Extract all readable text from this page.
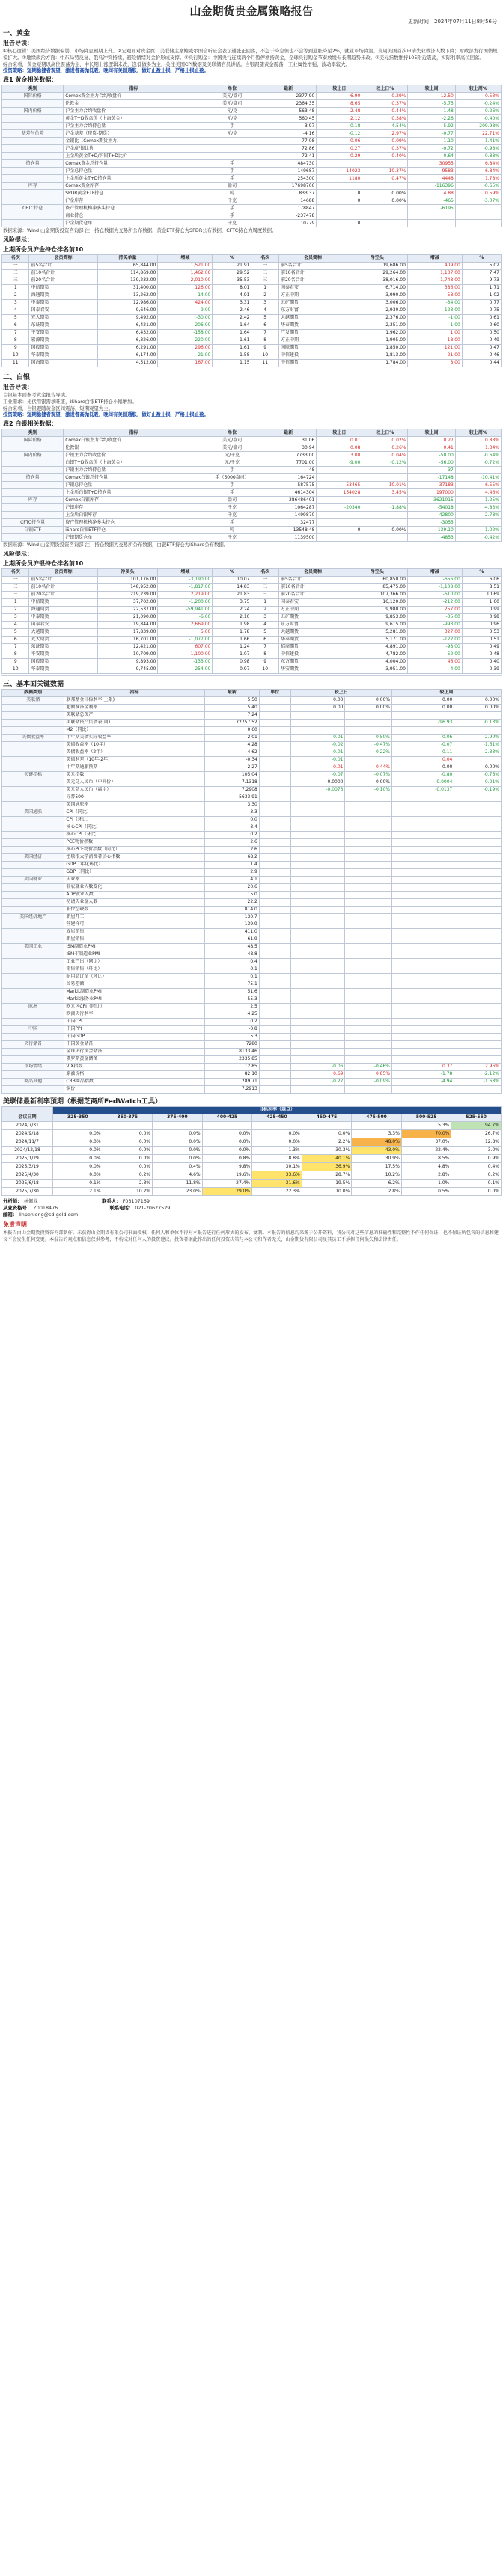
山金期货贵金属策略报告
更新时间：2024年07月11日8时56分
一、黄金
报告导读：
①核心逻辑：美国经济数据偏弱，市场降息预期上升。②宏观面对贵金属：美联储主席鲍威尔国会听证会表示通胀正回落，不急于降息但也不会等到通胀降至2%，就业市场降温。当周美国首次申请失业救济人数下降；财政部发行国债规模扩大。③地缘政治方面：中东局势反复、俄乌冲突持续，避险情绪对金价形成支撑。④央行购金：中国央行连续两个月暂停增持黄金，全球央行购金节奏放缓但长期趋势未改。⑤美元指数维持105附近震荡，实际利率高位回落。
综合来看，黄金短期以高位震荡为主，中长期上涨逻辑未改，逢低做多为主，关注美国CPI数据及美联储官员讲话。白银跟随黄金震荡，工业属性增强，波动率较大。
投资策略：短期稳健者观望，激进者高抛低吸，晚间有美国通胀，做好止盈止损，严格止损止盈。
表1 黄金相关数据：
类别	指标	单位	最新	较上日	较上日%	较上周	较上周%
国际价格	Comex黄金主力合约收盘价	美元/盎司	2377.90	6.90	0.29%	12.50	0.53%
	伦敦金	美元/盎司	2364.35	8.65	0.37%	-5.75	-0.24%
国内价格	沪金主力合约收盘价	元/克	563.48	2.48	0.44%	-1.48	-0.26%
	黄金T+D收盘价（上海黄金）	元/克	560.45	2.12	0.38%	-2.26	-0.40%
	沪金主力合约持仓量	手	3.97	-0.18	-4.54%	-5.92	-209.98%
基差与价差	沪金基差（现货-期货）	元/克	-4.16	-0.12	2.97%	-0.77	22.71%
	金银比（Comex期货主力）		77.08	0.06	0.09%	-1.10	-1.41%
	沪金/沪银比价		72.86	0.27	0.37%	-0.72	-0.98%
	上金所黄金T+D/沪银T+D比价		72.41	0.29	0.40%	-0.64	-0.88%
持仓量	Comex黄金总持仓量	手	484730			30955	6.84%
	沪金总持仓量	手	149687	14023	10.37%	9583	6.84%
	上金所黄金T+D持仓量	手	254300	1180	0.47%	4448	1.78%
库存	Comex黄金库存	盎司	17698706			-116396	-0.65%
	SPDR黄金ETF持仓	吨	833.37	0	0.00%	4.88	0.59%
	沪金库存	千克	14688	0	0.00%	-465	-3.07%
CFTC持仓	资产管理机构净多头持仓	手	178847			-6195	
	商业持仓	手	-237478				
	沪金期货仓单	千克	10779	0			
数据来源：Wind 山金期货投资咨询部 注：持仓数据为交易所公布数据，黄金ETF持仓为SPDR公布数据，CFTC持仓为周度数据。
风险提示：
上期所会员沪金持仓排名前10
名次	会员简称	持买单量	增减	%	名次	会员简称	净空头	增减	%
一	前5名合计	65,844.00	1,521.00	21.91	一	前5名合计	19,686.00	409.00	5.02
二	前10名合计	114,869.00	1,462.00	29.52	二	前10名合计	29,264.00	1,137.00	7.47
三	前20名合计	139,232.00	2,010.00	35.53	三	前20名合计	38,016.00	1,748.00	9.73
1	中信期货	31,400.00	126.00	8.01	1	国泰君安	6,714.00	386.00	1.71
2	海通期货	13,262.00	-14.00	4.91	2	方正中期	3,990.00	58.00	1.02
3	中泰期货	12,986.00	424.00	3.31	3	五矿期货	3,006.00	-34.00	0.77
4	国泰君安	9,646.00	-9.00	2.46	4	东方财富	2,930.00	-123.00	0.75
5	光大期货	9,492.00	-30.00	2.42	5	大越期货	2,376.00	-1.00	0.61
6	东证期货	6,421.00	-206.00	1.64	6	华泰期货	2,351.00	-1.00	0.60
7	平安期货	6,432.00	-158.00	1.64	7	广发期货	1,962.00	1.00	0.50
8	宏源期货	6,326.00	-220.00	1.61	8	方正中期	1,905.00	18.00	0.49
9	国投期货	6,291.00	296.00	1.61	9	国联期货	1,850.00	121.00	0.47
10	华泰期货	6,174.00	-21.00	1.58	10	中信建投	1,813.00	21.00	0.46
11	国海期货	4,512.00	167.00	1.15	11	中信期货	1,784.00	8.00	0.44
二、白银
报告导读：
白银基本面参考黄金报告导读。
工业需求：光伏用银需求旺盛，iShare白银ETF持仓小幅增加。
综合来看，白银跟随黄金区间震荡，短期观望为主。
投资策略：短期稳健者观望，激进者高抛低吸，晚间有美国通胀，做好止盈止损，严格止损止盈。
表2 白银相关数据：
类别	指标	单位	最新	较上日	较上日%	较上周	较上周%
国际价格	Comex白银主力合约收盘价	美元/盎司	31.06	0.01	0.02%	0.27	0.88%
	伦敦银	美元/盎司	30.94	0.08	0.26%	0.41	1.34%
国内价格	沪银主力合约收盘价	元/千克	7733.00	3.00	0.04%	-50.00	-0.64%
	白银T+D收盘价（上海黄金）	元/千克	7701.00	-9.00	-0.12%	-56.00	-0.72%
	沪银主力合约持仓量	手	-48			-37	
持仓量	Comex白银总持仓量	手（5000盎司）	164724			-17148	-10.41%
	沪银总持仓量	手	587575	53465	10.01%	37183	6.55%
	上金所白银T+D持仓量	手	4614304	154028	3.45%	197000	4.46%
库存	Comex白银库存	盎司	286486401			-3621015	-1.25%
	沪银库存	千克	1064287	-20340	-1.88%	-54018	-4.83%
	上金所白银库存	千克	1499870			-42800	-2.78%
CFTC持仓量	资产管理机构净多头持仓	手	32477			-3055	
白银ETF	iShare白银ETF持仓	吨	13548.48	0	0.00%	-139.10	-1.02%
	沪银期货仓单	千克	1139500			-4853	-0.42%
数据来源：Wind 山金期货投资咨询部 注：持仓数据为交易所公布数据，白银ETF持仓为iShare公布数据。
风险提示：
上期所会员沪银持仓排名前10
名次	会员简称	净多头	增减	%	名次	会员简称	净空头	增减	%
一	前5名合计	101,176.00	-3,190.00	10.07	一	前5名合计	60,850.00	-656.00	6.06
二	前10名合计	148,952.00	-1,817.00	14.83	二	前10名合计	85,475.00	-1,108.00	8.51
三	前20名合计	219,239.00	2,219.00	21.83	三	前20名合计	107,366.00	-610.00	10.69
1	中信期货	37,702.00	-1,200.00	3.75	1	国泰君安	16,120.00	-212.00	1.60
2	海通期货	22,537.00	-59,941.00	2.24	2	方正中期	9,980.00	257.00	0.99
3	中泰期货	21,090.00	-6.00	2.10	3	五矿期货	9,853.00	-35.00	0.98
4	国泰君安	19,844.00	2,669.00	1.98	4	东方财富	9,615.00	-993.00	0.96
5	大越期货	17,839.00	5.00	1.78	5	大越期货	5,281.00	327.00	0.53
6	光大期货	16,701.00	-1,077.00	1.66	6	华泰期货	5,171.00	-122.00	0.51
7	东证期货	12,421.00	607.00	1.24	7	招商期货	4,891.00	-98.00	0.49
8	平安期货	10,709.00	1,100.00	1.07	8	中信建投	4,782.00	-52.00	0.48
9	国投期货	9,893.00	-133.00	0.98	9	东方期货	4,004.00	46.00	0.40
10	华泰期货	9,745.00	-254.00	0.97	10	华安期货	3,951.00	-4.00	0.39
三、基本面关键数据
数据类别	指标	最新	单位	较上日		较上周	
美联储	联邦基金目标利率(上限)	5.50		0.00	0.00%	0.00	0.00%
	超额准备金利率	5.40		0.00	0.00%	0.00	0.00%
	美联储总资产	7.24					
	美联储资产负债表(周)	72757.52				-96.93	-0.13%
	M2（同比）	0.60					
美债收益率	十年期美债实际收益率	2.01		-0.01	-0.50%	-0.06	-2.90%
	美债收益率（10年）	4.28		-0.02	-0.47%	-0.07	-1.61%
	美债收益率（2年）	4.62		-0.01	-0.22%	-0.11	-2.33%
	美债利差（10年-2年）	-0.34		-0.01		0.04	
	十年期通胀预期	2.27		0.01	0.44%	0.00	0.00%
关键指标	美元指数	105.04		-0.07	-0.07%	-0.80	-0.76%
	美元兑人民币（中间价）	7.1318		0.0000	0.00%	-0.0004	-0.01%
	美元兑人民币（离岸）	7.2908		-0.0073	-0.10%	-0.0137	-0.19%
	标普500	5633.91					
	美国通胀率	3.30					
美国通胀	CPI（同比）	3.3					
	CPI（环比）	0.0					
	核心CPI（同比）	3.4					
	核心CPI（环比）	0.2					
	PCE物价指数	2.6					
	核心PCE物价指数（同比）	2.6					
美国经济	密歇根大学消费者信心指数	68.2					
	GDP（年化环比）	1.4					
	GDP（同比）	2.9					
美国就业	失业率	4.1					
	非农就业人数变化	20.6					
	ADP就业人数	15.0					
	初请失业金人数	22.2					
	职位空缺数	814.0					
美国经济地产	新屋开工	130.7					
	营建许可	139.9					
	成屋销售	411.0					
	新屋销售	61.9					
美国工业	ISM制造业PMI	48.5					
	ISM非制造业PMI	48.8					
	工业产出（同比）	0.4					
	零售销售（环比）	0.1					
	耐用品订单（环比）	0.1					
	贸易差额	-75.1					
	Markit制造业PMI	51.6					
	Markit服务业PMI	55.3					
欧洲	欧元区CPI（同比）	2.5					
	欧洲央行利率	4.25					
	中国CPI	0.2					
中国	中国PPI	-0.8					
	中国GDP	5.3					
央行储备	中国黄金储备	7280					
	全球央行黄金储备	8133.46					
	俄罗斯黄金储备	2335.85					
市场情绪	VIX指数	12.85		-0.06	-0.46%	0.37	2.96%
	原油价格	82.10		0.69	0.85%	-1.78	-2.12%
商品其他	CRB商品指数	289.71		-0.27	-0.09%	-4.94	-1.68%
	铜价	7.2913					
美联储最新利率预期（根据芝商所FedWatch工具）
	目标利率（基点）								
会议日期	325-350	350-375	375-400	400-425	425-450	450-475	475-500	500-525	525-550
2024/7/31								5.3%	94.7%
2024/9/18	0.0%	0.0%	0.0%	0.0%	0.0%	0.0%	3.3%	70.0%	26.7%
2024/11/7	0.0%	0.0%	0.0%	0.0%	0.0%	2.2%	48.0%	37.0%	12.8%
2024/12/18	0.0%	0.0%	0.0%	0.0%	1.3%	30.3%	43.0%	22.4%	3.0%
2025/1/29	0.0%	0.0%	0.0%	0.8%	18.8%	40.1%	30.9%	8.5%	0.9%
2025/3/19	0.0%	0.0%	0.4%	9.8%	30.1%	36.9%	17.5%	4.8%	0.4%
2025/4/30	0.0%	0.2%	4.6%	19.6%	33.6%	28.7%	10.2%	2.8%	0.2%
2025/6/18	0.1%	2.3%	11.8%	27.4%	31.6%	19.5%	6.2%	1.0%	0.1%
2025/7/30	2.1%	10.2%	23.0%	29.0%	22.3%	10.0%	2.8%	0.5%	0.0%
分析师： 林佩龙	联系人： F03107169
从业资格号： Z0018476	联系电话： 021-20627529
邮箱： linpenlong@sd-gold.com
免责声明
本报告由山金期货投资咨询部制作。未获得山金期货有限公司书面授权，任何人和单位不得对本报告进行任何形式的发布、复制。本报告的信息均来源于公开资料，我公司对这些信息的准确性和完整性不作任何保证，也不保证所包含的信息和建议不会发生任何变更。本报告的观点和信息仅供参考，不构成对任何人的投资建议。投资者据此作出的任何投资决策与本公司和作者无关，山金期货有限公司及其员工不承担任何损失和法律责任。
